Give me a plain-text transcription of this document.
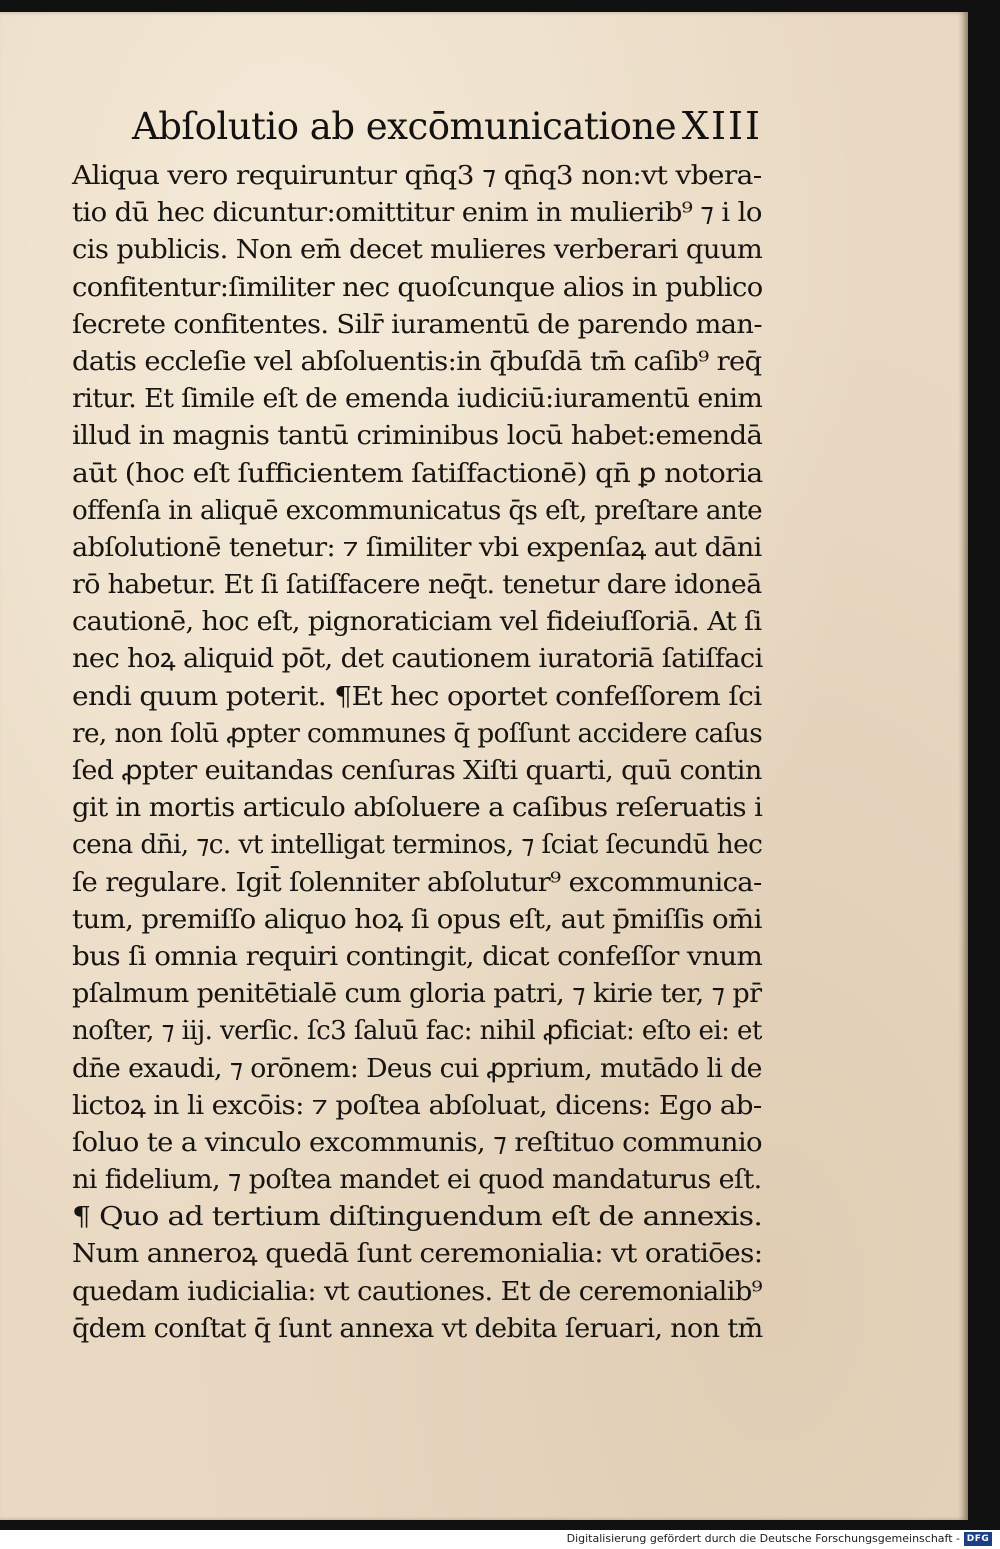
Abſolutio ab excōmunicatione XIII
Aliqua vero requiruntur qn̄q3 ⁊ qn̄q3 non:vt vbera-
tio dū hec dicuntur:omittitur enim in mulierib⁹ ⁊ i lo
cis publicis. Non em̄ decet mulieres verberari quum
confitentur:ſimiliter nec quoſcunque alios in publico
ſecrete confitentes. Silr̄ iuramentū de parendo man-
datis eccleſie vel abſoluentis:in q̄buſdā tm̄ caſib⁹ req̄
ritur. Et ſimile eſt de emenda iudiciū:iuramentū enim
illud in magnis tantū criminibus locū habet:emendā
aūt (hoc eſt ſufficientem ſatiſfactionē) qn̄ ꝑ notoria
offenſa in aliquē excommunicatus q̄s eſt, preſtare ante
abſolutionē tenetur: ⁊ ſimiliter vbi expenſaꝝ aut dāni
rō habetur. Et ſi ſatiſfacere neq̄t. tenetur dare idoneā
cautionē, hoc eſt, pignoraticiam vel fideiuſſoriā. At ſi
nec hoꝝ aliquid pōt, det cautionem iuratoriā ſatiſfaci
endi quum poterit. ¶Et hec oportet confeſſorem ſci
re, non ſolū ꝓpter communes q̄ poſſunt accidere caſus
ſed ꝓpter euitandas cenſuras Xiſti quarti, quū contin
git in mortis articulo abſoluere a caſibus reſeruatis i
cena dn̄i, ⁊c. vt intelligat terminos, ⁊ ſciat ſecundū hec
ſe regulare. Igit̄ ſolenniter abſolutur⁹ excommunica-
tum, premiſſo aliquo hoꝝ ſi opus eſt, aut p̄miſſis om̄i
bus ſi omnia requiri contingit, dicat confeſſor vnum
pſalmum penitētialē cum gloria patri, ⁊ kirie ter, ⁊ pr̄
noſter, ⁊ iij. verſic. ſc3 ſaluū fac: nihil ꝓficiat: eſto ei: et
dn̄e exaudi, ⁊ orōnem: Deus cui ꝓprium, mutādo li de
lictoꝝ in li excōis: ⁊ poſtea abſoluat, dicens: Ego ab-
ſoluo te a vinculo excommunis, ⁊ reſtituo communio
ni fidelium, ⁊ poſtea mandet ei quod mandaturus eſt.
¶ Quo ad tertium diſtinguendum eſt de annexis.
Num anneroꝝ quedā ſunt ceremonialia: vt oratiōes:
quedam iudicialia: vt cautiones. Et de ceremonialib⁹
q̄dem conſtat q̄ ſunt annexa vt debita ſeruari, non tm̄
Digitalisierung gefördert durch die Deutsche Forschungsgemeinschaft - DFG
